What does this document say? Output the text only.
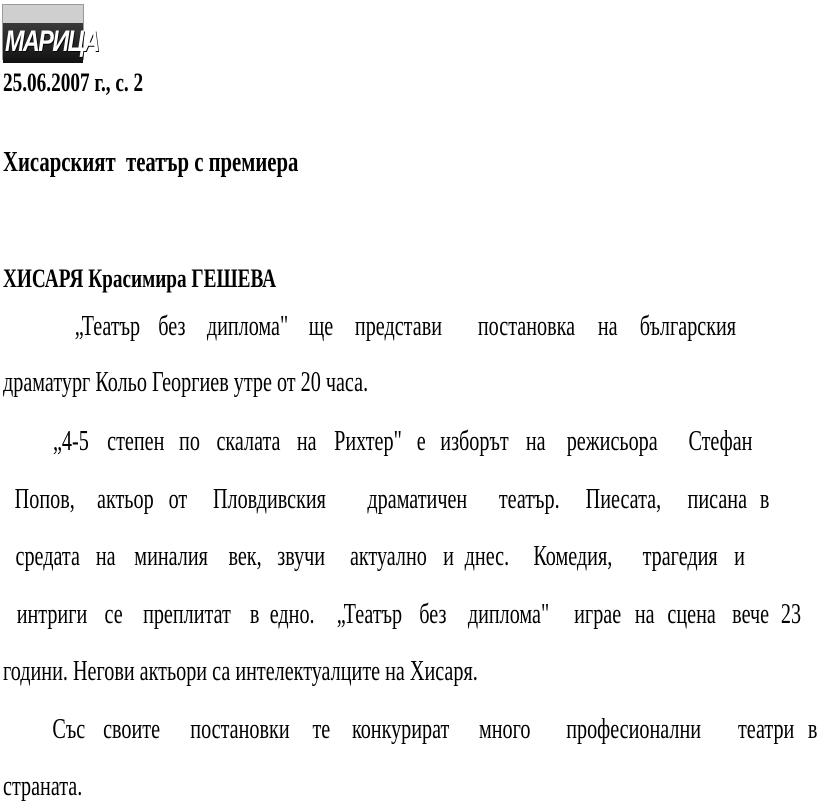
МАРИЦА
25.06.2007 г., с. 2
Хисарският  театър с премиера
ХИСАРЯ Красимира ГЕШЕВА
„Театър без диплома" ще представи постановка на българския
драматург Кольо Георгиев утре от 20 часа.
„4-5 степен по скалата на Рихтер" е изборът на режисьора Стефан
Попов, актьор от Пловдивския драматичен театър. Пиесата, писана в
средата на миналия век, звучи актуално и днес. Комедия, трагедия и
интриги се преплитат в едно. „Театър без диплома" играе на сцена вече 23
години. Негови актьори са интелектуалците на Хисаря.
Със своите постановки те конкурират много професионални театри в
страната.
